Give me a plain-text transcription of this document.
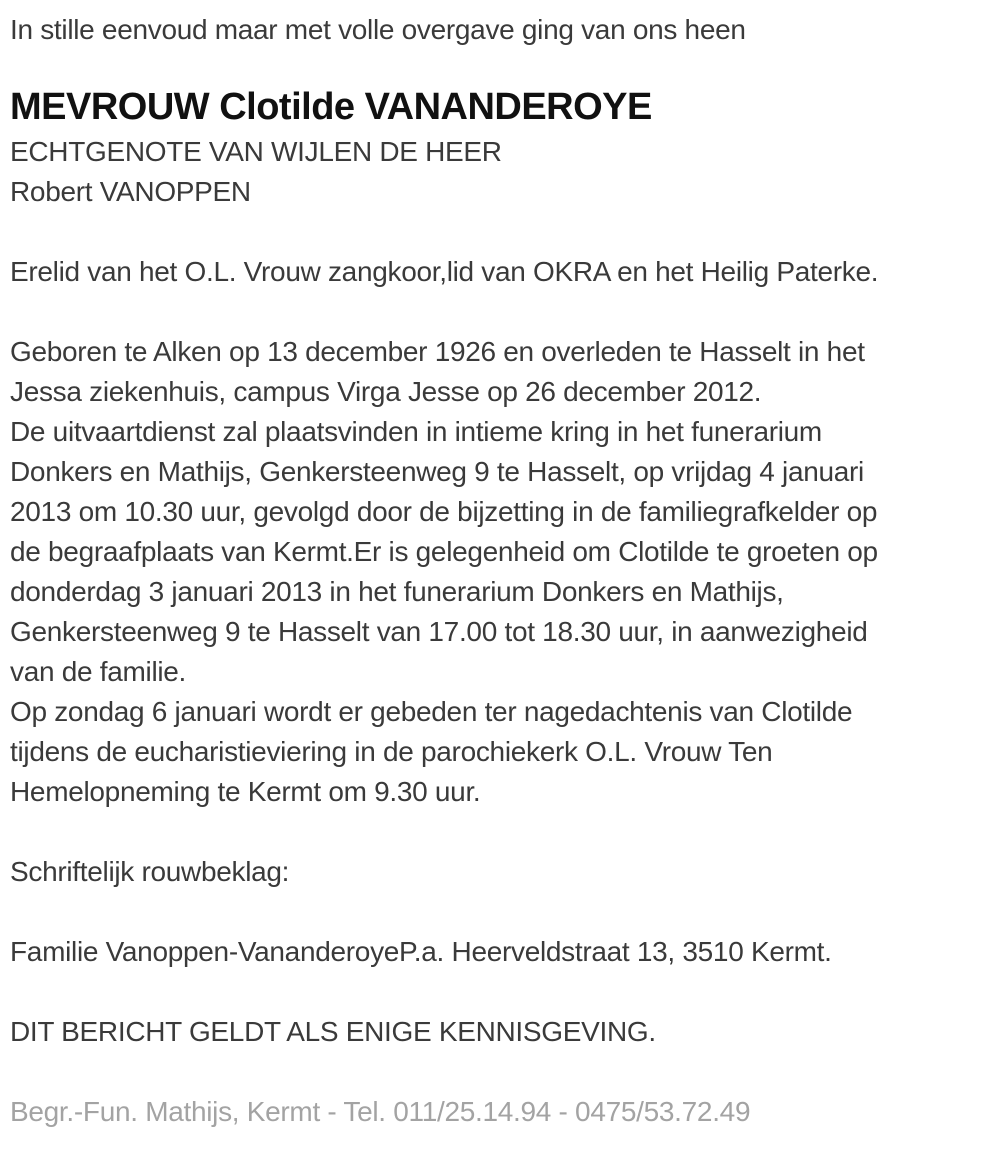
In stille eenvoud maar met volle overgave ging van ons heen
MEVROUW Clotilde VANANDEROYE
ECHTGENOTE VAN WIJLEN DE HEER
Robert VANOPPEN
Erelid van het O.L. Vrouw zangkoor,lid van OKRA en het Heilig Paterke.
Geboren te Alken op 13 december 1926 en overleden te Hasselt in het
Jessa ziekenhuis, campus Virga Jesse op 26 december 2012.
De uitvaartdienst zal plaatsvinden in intieme kring in het funerarium
Donkers en Mathijs, Genkersteenweg 9 te Hasselt, op vrijdag 4 januari
2013 om 10.30 uur, gevolgd door de bijzetting in de familiegrafkelder op
de begraafplaats van Kermt.Er is gelegenheid om Clotilde te groeten op
donderdag 3 januari 2013 in het funerarium Donkers en Mathijs,
Genkersteenweg 9 te Hasselt van 17.00 tot 18.30 uur, in aanwezigheid
van de familie.
Op zondag 6 januari wordt er gebeden ter nagedachtenis van Clotilde
tijdens de eucharistieviering in de parochiekerk O.L. Vrouw Ten
Hemelopneming te Kermt om 9.30 uur.
Schriftelijk rouwbeklag:
Familie Vanoppen-VananderoyeP.a. Heerveldstraat 13, 3510 Kermt.
DIT BERICHT GELDT ALS ENIGE KENNISGEVING.
Begr.-Fun. Mathijs, Kermt - Tel. 011/25.14.94 - 0475/53.72.49
